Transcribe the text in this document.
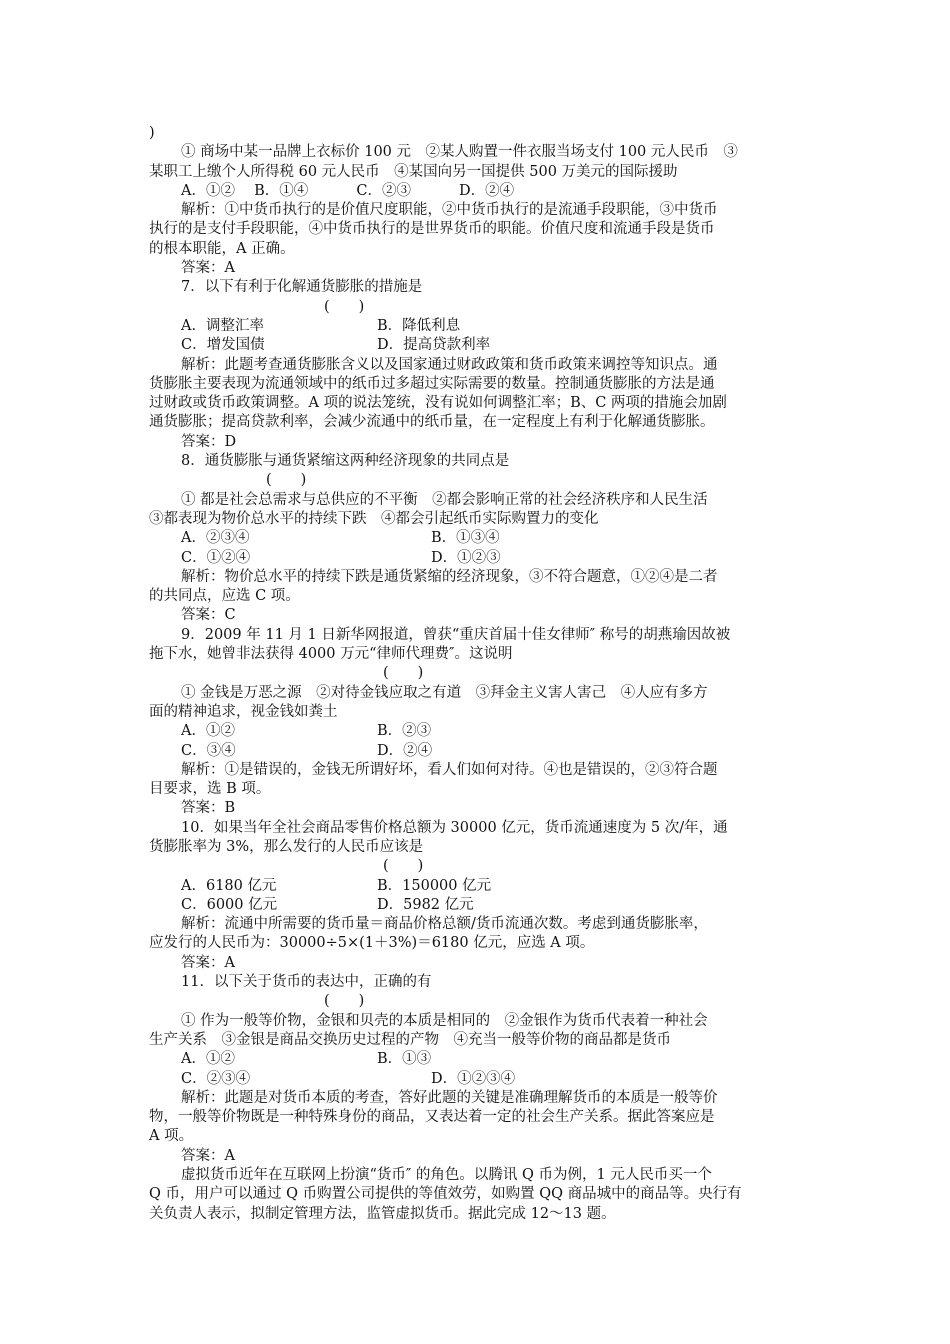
)
① 商场中某一品牌上衣标价 100 元　②某人购置一件衣服当场支付 100 元人民币　③
某职工上缴个人所得税 60 元人民币　④某国向另一国提供 500 万美元的国际援助
A．①②　 B．①④　　　 C．②③　　　 D．②④
解析：①中货币执行的是价值尺度职能，②中货币执行的是流通手段职能，③中货币
执行的是支付手段职能，④中货币执行的是世界货币的职能。价值尺度和流通手段是货币
的根本职能，A 正确。
答案：A
7．以下有利于化解通货膨胀的措施是
(　　)
A．调整汇率	B．降低利息
C．增发国债	D．提高贷款利率
解析：此题考查通货膨胀含义以及国家通过财政政策和货币政策来调控等知识点。通
货膨胀主要表现为流通领域中的纸币过多超过实际需要的数量。控制通货膨胀的方法是通
过财政或货币政策调整。A 项的说法笼统，没有说如何调整汇率；B、C 两项的措施会加剧
通货膨胀；提高贷款利率，会减少流通中的纸币量，在一定程度上有利于化解通货膨胀。
答案：D
8．通货膨胀与通货紧缩这两种经济现象的共同点是
(　　)
① 都是社会总需求与总供应的不平衡　②都会影响正常的社会经济秩序和人民生活
③都表现为物价总水平的持续下跌　④都会引起纸币实际购置力的变化
A．②③④	B．①③④
C．①②④	D．①②③
解析：物价总水平的持续下跌是通货紧缩的经济现象，③不符合题意，①②④是二者
的共同点，应选 C 项。
答案：C
9．2009 年 11 月 1 日新华网报道，曾获“重庆首届十佳女律师″ 称号的胡燕瑜因故被
拖下水，她曾非法获得 4000 万元“律师代理费″。这说明
(　　)
① 金钱是万恶之源　②对待金钱应取之有道　③拜金主义害人害己　④人应有多方
面的精神追求，视金钱如粪土
A．①②	B．②③
C．③④	D．②④
解析：①是错误的，金钱无所谓好坏，看人们如何对待。④也是错误的，②③符合题
目要求，选 B 项。
答案：B
10．如果当年全社会商品零售价格总额为 30000 亿元，货币流通速度为 5 次/年，通
货膨胀率为 3%，那么发行的人民币应该是
(　　)
A．6180 亿元	B．150000 亿元
C．6000 亿元	D．5982 亿元
解析：流通中所需要的货币量＝商品价格总额/货币流通次数。考虑到通货膨胀率，
应发行的人民币为：30000÷5×(1＋3%)＝6180 亿元，应选 A 项。
答案：A
11．以下关于货币的表达中，正确的有
(　　)
① 作为一般等价物，金银和贝壳的本质是相同的　②金银作为货币代表着一种社会
生产关系　③金银是商品交换历史过程的产物　④充当一般等价物的商品都是货币
A．①②	B．①③
C．②③④	D．①②③④
解析：此题是对货币本质的考查，答好此题的关键是准确理解货币的本质是一般等价
物，一般等价物既是一种特殊身份的商品，又表达着一定的社会生产关系。据此答案应是
A 项。
答案：A
虚拟货币近年在互联网上扮演“货币″ 的角色。以腾讯 Q 币为例，1 元人民币买一个
Q 币，用户可以通过 Q 币购置公司提供的等值效劳，如购置 QQ 商品城中的商品等。央行有
关负责人表示，拟制定管理方法，监管虚拟货币。据此完成 12～13 题。
